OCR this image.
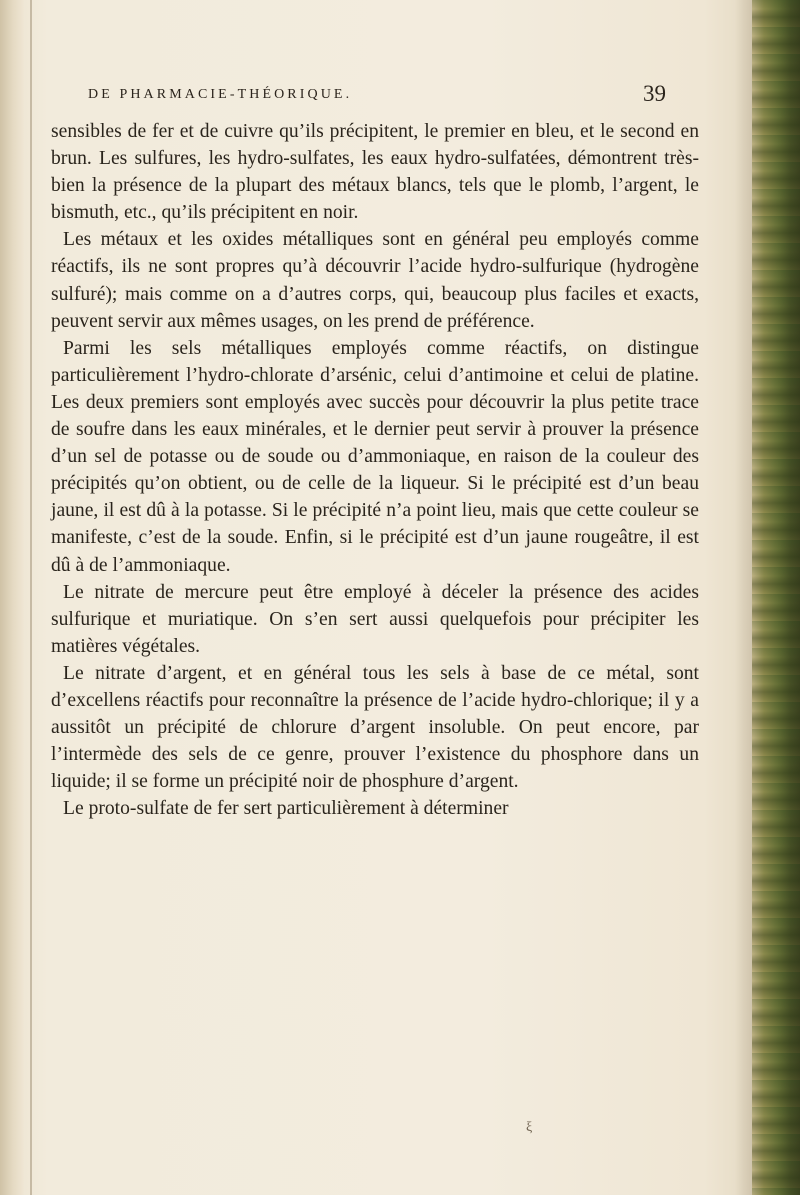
DE PHARMACIE-THÉORIQUE.	39

sensibles de fer et de cuivre qu’ils précipitent, le premier en bleu, et le second en brun. Les sulfures, les hydro-sulfates, les eaux hydro-sulfatées, démontrent très-bien la présence de la plupart des métaux blancs, tels que le plomb, l’argent, le bismuth, etc., qu’ils précipitent en noir.

Les métaux et les oxides métalliques sont en général peu employés comme réactifs, ils ne sont propres qu’à découvrir l’acide hydro-sulfurique (hydrogène sulfuré); mais comme on a d’autres corps, qui, beaucoup plus faciles et exacts, peuvent servir aux mêmes usages, on les prend de préférence.

Parmi les sels métalliques employés comme réactifs, on distingue particulièrement l’hydro-chlorate d’arsénic, celui d’antimoine et celui de platine. Les deux premiers sont employés avec succès pour découvrir la plus petite trace de soufre dans les eaux minérales, et le dernier peut servir à prouver la présence d’un sel de potasse ou de soude ou d’ammoniaque, en raison de la couleur des précipités qu’on obtient, ou de celle de la liqueur. Si le précipité est d’un beau jaune, il est dû à la potasse. Si le précipité n’a point lieu, mais que cette couleur se manifeste, c’est de la soude. Enfin, si le précipité est d’un jaune rougeâtre, il est dû à de l’ammoniaque.

Le nitrate de mercure peut être employé à déceler la présence des acides sulfurique et muriatique. On s’en sert aussi quelquefois pour précipiter les matières végétales.

Le nitrate d’argent, et en général tous les sels à base de ce métal, sont d’excellens réactifs pour reconnaître la présence de l’acide hydro-chlorique; il y a aussitôt un précipité de chlorure d’argent insoluble. On peut encore, par l’intermède des sels de ce genre, prouver l’existence du phosphore dans un liquide; il se forme un précipité noir de phosphure d’argent.

Le proto-sulfate de fer sert particulièrement à déterminer

ξ
